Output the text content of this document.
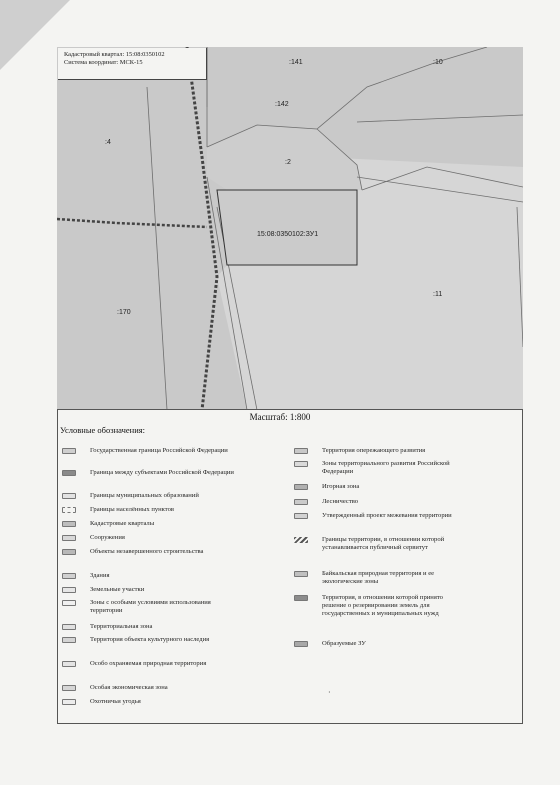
:141	:10
:142
:4
:2
15:08:0350102:ЗУ1
:11
:170
Кадастровый квартал: 15:08:0350102
Система координат: МСК-15
Масштаб: 1:800
Условные обозначения:
Государственная граница Российской Федерации
Граница между субъектами Российской Федерации
Границы муниципальных образований
Границы населённых пунктов
Кадастровые кварталы
Сооружения
Объекты незавершенного строительства
Здания
Земельные участки
Зоны с особыми условиями использования территории
Территориальная зона
Территория объекта культурного наследия
Особо охраняемая природная территория
Особая экономическая зона
Охотничьи угодья
Территория опережающего развития
Зоны территориального развития Российской Федерации
Игорная зона
Лесничество
Утвержденный проект межевания территории
Границы территории, в отношении которой устанавливается публичный сервитут
Байкальская природная территория и ее экологические зоны
Территория, в отношении которой принято решение о резервировании земель для государственных и муниципальных нужд
Образуемые ЗУ
·
